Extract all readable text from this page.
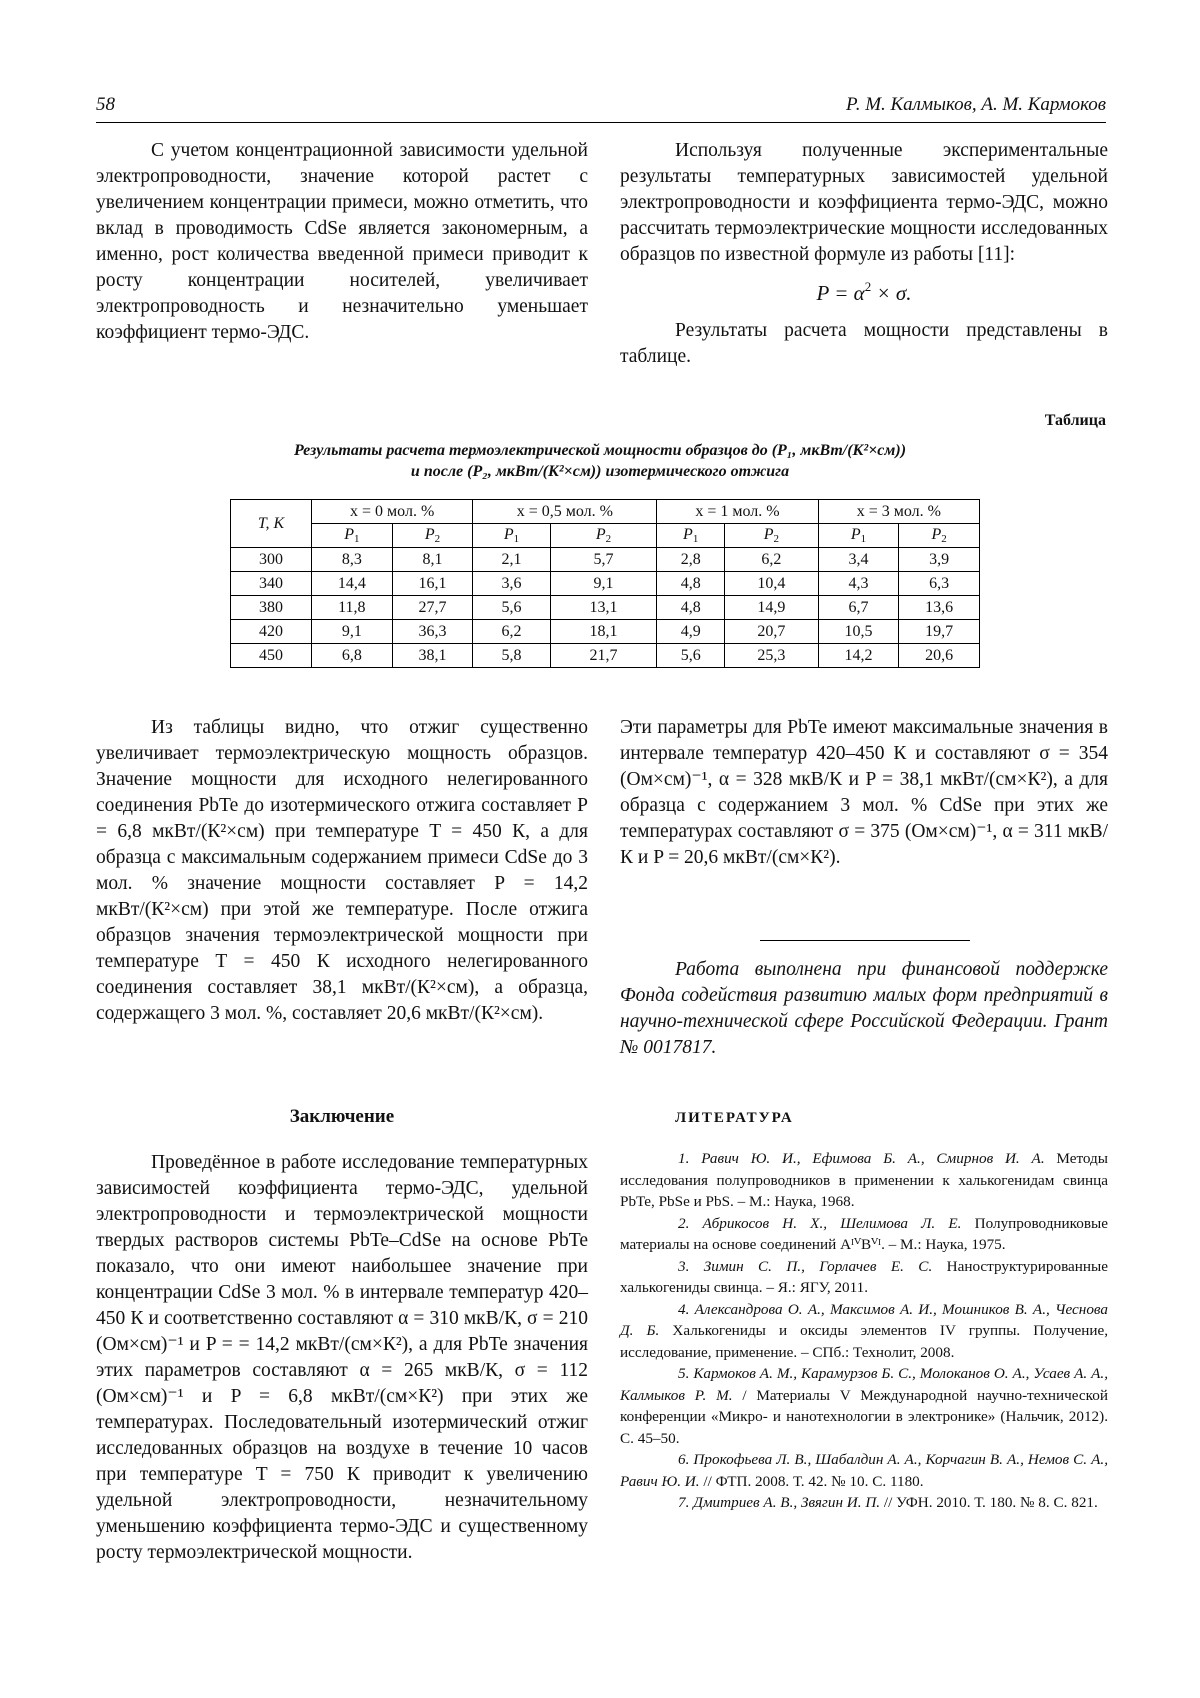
58	Р. М. Калмыков, А. М. Кармоков

С учетом концентрационной зависимости удельной электропроводности, значение которой растет с увеличением концентрации примеси, можно отметить, что вклад в проводимость CdSe является закономерным, а именно, рост количества введенной примеси приводит к росту концентрации носителей, увеличивает электропроводность и незначительно уменьшает коэффициент термо-ЭДС.

Используя полученные экспериментальные результаты температурных зависимостей удельной электропроводности и коэффициента термо-ЭДС, можно рассчитать термоэлектрические мощности исследованных образцов по известной формуле из работы [11]:

$P = \alpha^2 \times \sigma$.

Результаты расчета мощности представлены в таблице.

Таблица
Результаты расчета термоэлектрической мощности образцов до (P₁, мкВт/(К²×см))
и после (P₂, мкВт/(К²×см)) изотермического отжига
T, К	x = 0 мол. %		x = 0,5 мол. %		x = 1 мол. %		x = 3 мол. %	
	$P_1$	$P_2$	$P_1$	$P_2$	$P_1$	$P_2$	$P_1$	$P_2$
300	8,3	8,1	2,1	5,7	2,8	6,2	3,4	3,9
340	14,4	16,1	3,6	9,1	4,8	10,4	4,3	6,3
380	11,8	27,7	5,6	13,1	4,8	14,9	6,7	13,6
420	9,1	36,3	6,2	18,1	4,9	20,7	10,5	19,7
450	6,8	38,1	5,8	21,7	5,6	25,3	14,2	20,6

Из таблицы видно, что отжиг существенно увеличивает термоэлектрическую мощность образцов. Значение мощности для исходного нелегированного соединения PbTe до изотермического отжига составляет P = 6,8 мкВт/(К²×см) при температуре T = 450 К, а для образца с максимальным содержанием примеси CdSe до 3 мол. % значение мощности составляет P = 14,2 мкВт/(К²×см) при этой же температуре. После отжига образцов значения термоэлектрической мощности при температуре T = 450 К исходного нелегированного соединения составляет 38,1 мкВт/(К²×см), а образца, содержащего 3 мол. %, составляет 20,6 мкВт/(К²×см).

Эти параметры для PbTe имеют максимальные значения в интервале температур 420–450 К и составляют σ = 354 (Ом×см)⁻¹, α = 328 мкВ/К и P = 38,1 мкВт/(см×К²), а для образца с содержанием 3 мол. % CdSe при этих же температурах составляют σ = 375 (Ом×см)⁻¹, α = 311 мкВ/К и P = 20,6 мкВт/(см×К²).

Работа выполнена при финансовой поддержке Фонда содействия развитию малых форм предприятий в научно-технической сфере Российской Федерации. Грант № 0017817.

Заключение

Проведённое в работе исследование температурных зависимостей коэффициента термо-ЭДС, удельной электропроводности и термоэлектрической мощности твердых растворов системы PbTe–CdSe на основе PbTe показало, что они имеют наибольшее значение при концентрации CdSe 3 мол. % в интервале температур 420–450 К и соответственно составляют α = 310 мкВ/К, σ = 210 (Ом×см)⁻¹ и P = = 14,2 мкВт/(см×К²), а для PbTe значения этих параметров составляют α = 265 мкВ/К, σ = 112 (Ом×см)⁻¹ и P = 6,8 мкВт/(см×К²) при этих же температурах. Последовательный изотермический отжиг исследованных образцов на воздухе в течение 10 часов при температуре T = 750 К приводит к увеличению удельной электропроводности, незначительному уменьшению коэффициента термо-ЭДС и существенному росту термоэлектрической мощности.

ЛИТЕРАТУРА

1. Равич Ю. И., Ефимова Б. А., Смирнов И. А. Методы исследования полупроводников в применении к халькогенидам свинца PbTe, PbSe и PbS. – М.: Наука, 1968.

2. Абрикосов Н. Х., Шелимова Л. Е. Полупроводниковые материалы на основе соединений AᴵⱽBⱽᴵ. – М.: Наука, 1975.

3. Зимин С. П., Горлачев Е. С. Наноструктурированные халькогениды свинца. – Я.: ЯГУ, 2011.

4. Александрова О. А., Максимов А. И., Мошников В. А., Чеснова Д. Б. Халькогениды и оксиды элементов IV группы. Получение, исследование, применение. – СПб.: Технолит, 2008.

5. Кармоков А. М., Карамурзов Б. С., Молоканов О. А., Усаев А. А., Калмыков Р. М. / Материалы V Международной научно-технической конференции «Микро- и нанотехнологии в электронике» (Нальчик, 2012). С. 45–50.

6. Прокофьева Л. В., Шабалдин А. А., Корчагин В. А., Немов С. А., Равич Ю. И. // ФТП. 2008. Т. 42. № 10. С. 1180.

7. Дмитриев А. В., Звягин И. П. // УФН. 2010. Т. 180. № 8. С. 821.
